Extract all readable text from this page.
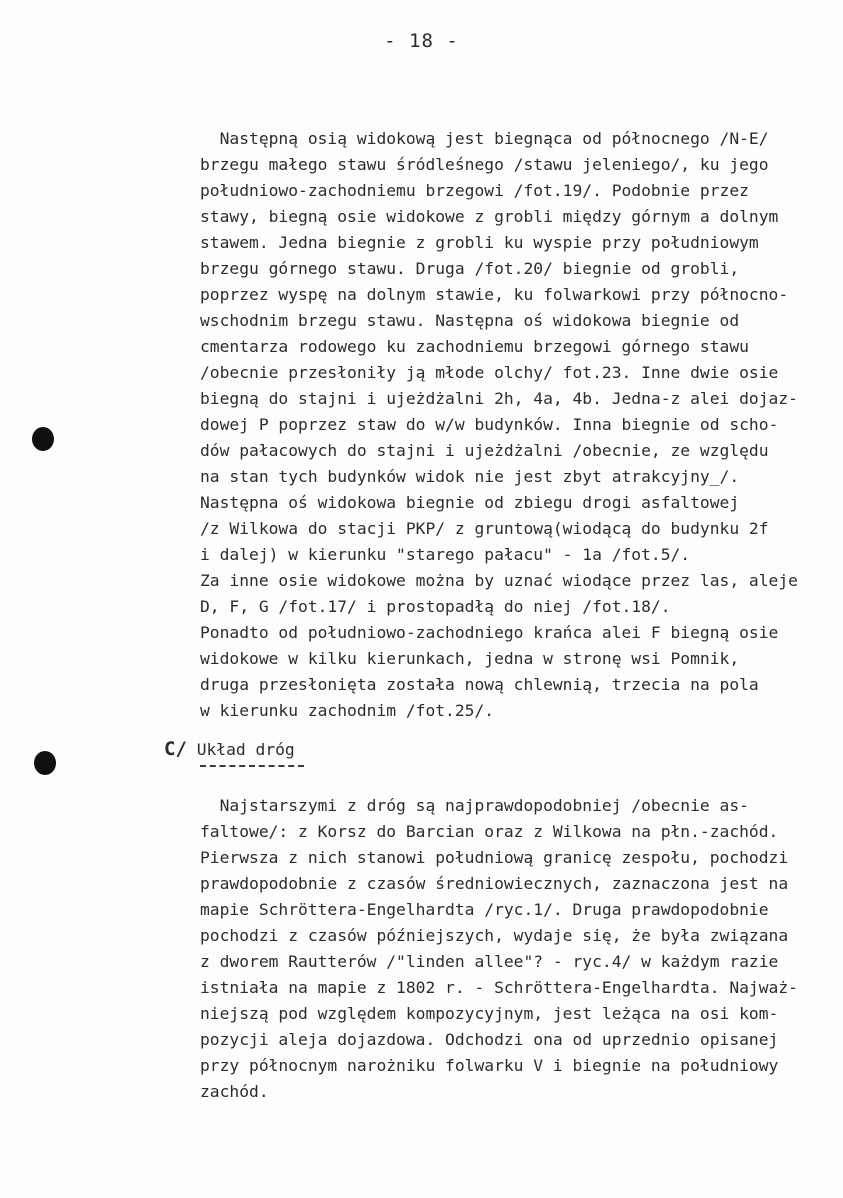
- 18 -
Następną osią widokową jest biegnąca od północnego /N-E/
brzegu małego stawu śródleśnego /stawu jeleniego/, ku jego
południowo-zachodniemu brzegowi /fot.19/. Podobnie przez
stawy, biegną osie widokowe z grobli między górnym a dolnym
stawem. Jedna biegnie z grobli ku wyspie przy południowym
brzegu górnego stawu. Druga /fot.20/ biegnie od grobli,
poprzez wyspę na dolnym stawie, ku folwarkowi przy północno-
wschodnim brzegu stawu. Następna oś widokowa biegnie od
cmentarza rodowego ku zachodniemu brzegowi górnego stawu
/obecnie przesłoniły ją młode olchy/ fot.23. Inne dwie osie
biegną do stajni i ujeżdżalni 2h, 4a, 4b. Jedna-z alei dojaz-
dowej P poprzez staw do w/w budynków. Inna biegnie od scho-
dów pałacowych do stajni i ujeżdżalni /obecnie, ze względu
na stan tych budynków widok nie jest zbyt atrakcyjny_/.
Następna oś widokowa biegnie od zbiegu drogi asfaltowej
/z Wilkowa do stacji PKP/ z gruntową(wiodącą do budynku 2f
i dalej) w kierunku "starego pałacu" - 1a /fot.5/.
Za inne osie widokowe można by uznać wiodące przez las, aleje
D, F, G /fot.17/ i prostopadłą do niej /fot.18/.
Ponadto od południowo-zachodniego krańca alei F biegną osie
widokowe w kilku kierunkach, jedna w stronę wsi Pomnik,
druga przesłonięta została nową chlewnią, trzecia na pola
w kierunku zachodnim /fot.25/.
C/ Układ dróg
Najstarszymi z dróg są najprawdopodobniej /obecnie as-
faltowe/: z Korsz do Barcian oraz z Wilkowa na płn.-zachód.
Pierwsza z nich stanowi południową granicę zespołu, pochodzi
prawdopodobnie z czasów średniowiecznych, zaznaczona jest na
mapie Schröttera-Engelhardta /ryc.1/. Druga prawdopodobnie
pochodzi z czasów późniejszych, wydaje się, że była związana
z dworem Rautterów /"linden allee"? - ryc.4/ w każdym razie
istniała na mapie z 1802 r. - Schröttera-Engelhardta. Najważ-
niejszą pod względem kompozycyjnym, jest leżąca na osi kom-
pozycji aleja dojazdowa. Odchodzi ona od uprzednio opisanej
przy północnym narożniku folwarku V i biegnie na południowy
zachód.
